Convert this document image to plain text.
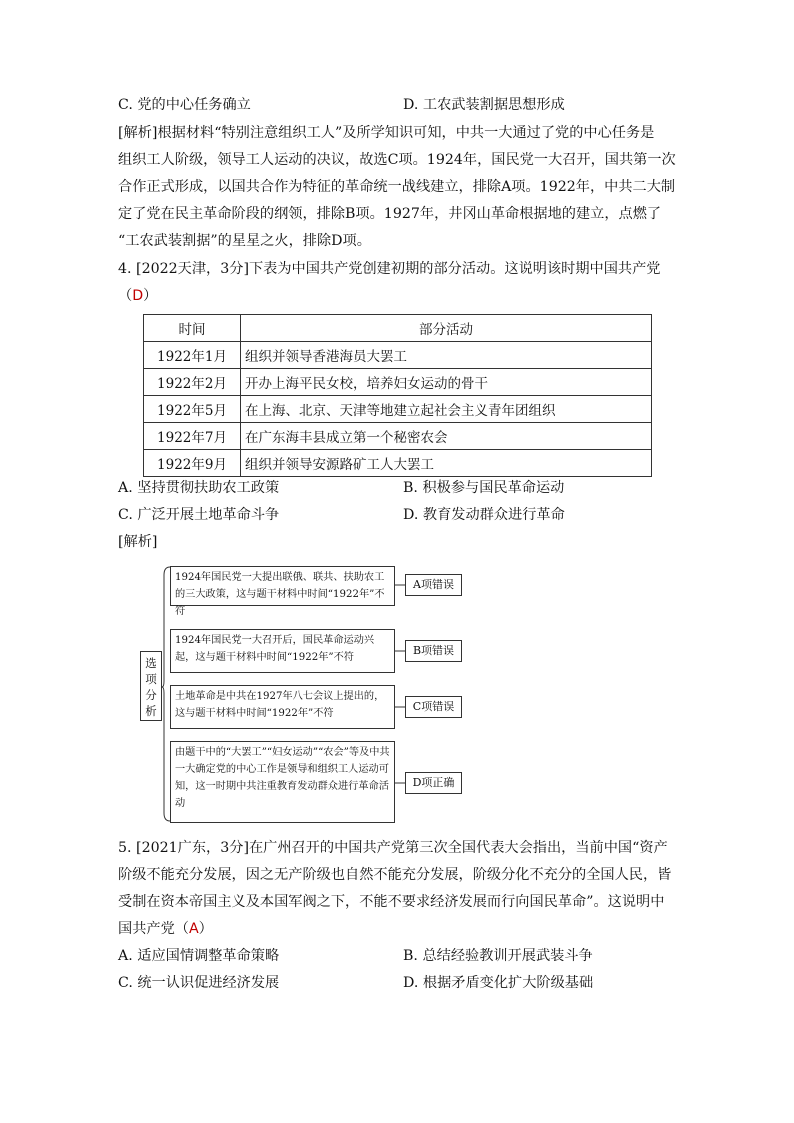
C. 党的中心任务确立	D. 工农武装割据思想形成
[解析]根据材料“特别注意组织工人”及所学知识可知，中共一大通过了党的中心任务是
组织工人阶级，领导工人运动的决议，故选C项。1924年，国民党一大召开，国共第一次
合作正式形成，以国共合作为特征的革命统一战线建立，排除A项。1922年，中共二大制
定了党在民主革命阶段的纲领，排除B项。1927年，井冈山革命根据地的建立，点燃了
“工农武装割据”的星星之火，排除D项。
4. [2022天津，3分]下表为中国共产党创建初期的部分活动。这说明该时期中国共产党
（D）
时间	部分活动
1922年1月	组织并领导香港海员大罢工
1922年2月	开办上海平民女校，培养妇女运动的骨干
1922年5月	在上海、北京、天津等地建立起社会主义青年团组织
1922年7月	在广东海丰县成立第一个秘密农会
1922年9月	组织并领导安源路矿工人大罢工
A. 坚持贯彻扶助农工政策	B. 积极参与国民革命运动
C. 广泛开展土地革命斗争	D. 教育发动群众进行革命
[解析]
选项分析
1924年国民党一大提出联俄、联共、扶助农工的三大政策，这与题干材料中时间“1922年”不符
A项错误
1924年国民党一大召开后，国民革命运动兴起，这与题干材料中时间“1922年”不符
B项错误
土地革命是中共在1927年八七会议上提出的，这与题干材料中时间“1922年”不符
C项错误
由题干中的“大罢工”“妇女运动”“农会”等及中共一大确定党的中心工作是领导和组织工人运动可知，这一时期中共注重教育发动群众进行革命活动
D项正确
5. [2021广东，3分]在广州召开的中国共产党第三次全国代表大会指出，当前中国“资产
阶级不能充分发展，因之无产阶级也自然不能充分发展，阶级分化不充分的全国人民，皆
受制在资本帝国主义及本国军阀之下，不能不要求经济发展而行向国民革命”。这说明中
国共产党（A）
A. 适应国情调整革命策略	B. 总结经验教训开展武装斗争
C. 统一认识促进经济发展	D. 根据矛盾变化扩大阶级基础
